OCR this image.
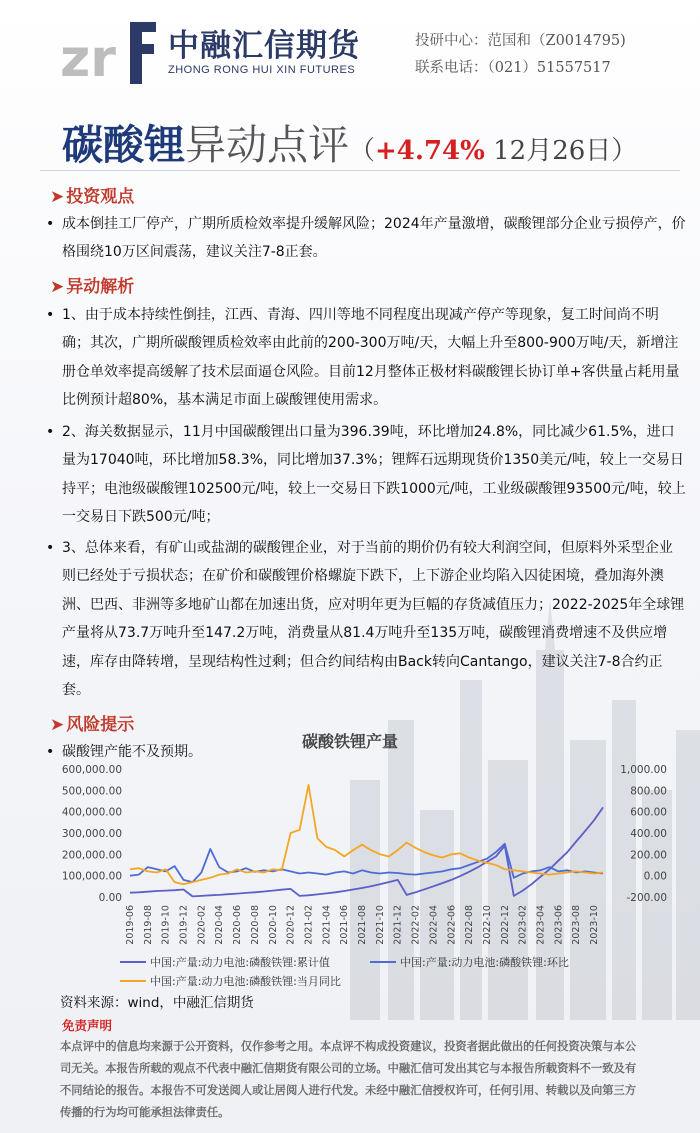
zr 中融汇信期货
ZHONG RONG HUI XIN FUTURES
投研中心：范国和（Z0014795)
联系电话：（021）51557517
碳酸锂异动点评（+4.74% 12月26日）
➤ 投资观点
• 成本倒挂工厂停产，广期所质检效率提升缓解风险；2024年产量激增，碳酸锂部分企业亏损停产，价格围绕10万区间震荡，建议关注7-8正套。
➤ 异动解析
• 1、由于成本持续性倒挂，江西、青海、四川等地不同程度出现减产停产等现象，复工时间尚不明确；其次，广期所碳酸锂质检效率由此前的200-300万吨/天，大幅上升至800-900万吨/天，新增注册仓单效率提高缓解了技术层面逼仓风险。目前12月整体正极材料碳酸锂长协订单+客供量占耗用量比例预计超80%，基本满足市面上碳酸锂使用需求。
• 2、海关数据显示，11月中国碳酸锂出口量为396.39吨，环比增加24.8%，同比减少61.5%，进口量为17040吨，环比增加58.3%，同比增加37.3%；锂辉石远期现货价1350美元/吨，较上一交易日持平；电池级碳酸锂102500元/吨，较上一交易日下跌1000元/吨，工业级碳酸锂93500元/吨，较上一交易日下跌500元/吨；
• 3、总体来看，有矿山或盐湖的碳酸锂企业，对于当前的期价仍有较大利润空间，但原料外采型企业则已经处于亏损状态；在矿价和碳酸锂价格螺旋下跌下，上下游企业均陷入囚徒困境，叠加海外澳洲、巴西、非洲等多地矿山都在加速出货，应对明年更为巨幅的存货减值压力；2022-2025年全球锂产量将从73.7万吨升至147.2万吨，消费量从81.4万吨升至135万吨，碳酸锂消费增速不及供应增速，库存由降转增，呈现结构性过剩；但合约间结构由Back转向Cantango，建议关注7-8合约正套。
➤ 风险提示
• 碳酸锂产能不及预期。
0.00
100,000.00
200,000.00
300,000.00
400,000.00
500,000.00
600,000.00
-200.00
0.00
200.00
400.00
600.00
800.00
1,000.00
2019-06 2019-08 2019-10 2019-12 2020-02 2020-04 2020-06 2020-08 2020-10 2020-12 2021-02 2021-04 2021-06 2021-08 2021-10 2021-12 2022-02 2022-04 2022-06 2022-08 2022-10 2022-12 2023-02 2023-04 2023-06 2023-08 2023-10
中国:产量:动力电池:磷酸铁锂:累计值	中国:产量:动力电池:磷酸铁锂:环比
中国:产量:动力电池:磷酸铁锂:当月同比
碳酸铁锂产量
资料来源：wind，中融汇信期货
免责声明
本点评中的信息均来源于公开资料，仅作参考之用。本点评不构成投资建议，投资者据此做出的任何投资决策与本公司无关。本报告所载的观点不代表中融汇信期货有限公司的立场。中融汇信可发出其它与本报告所载资料不一致及有不同结论的报告。本报告不可发送阅人或让居阅人进行代发。未经中融汇信授权许可，任何引用、转载以及向第三方传播的行为均可能承担法律责任。
